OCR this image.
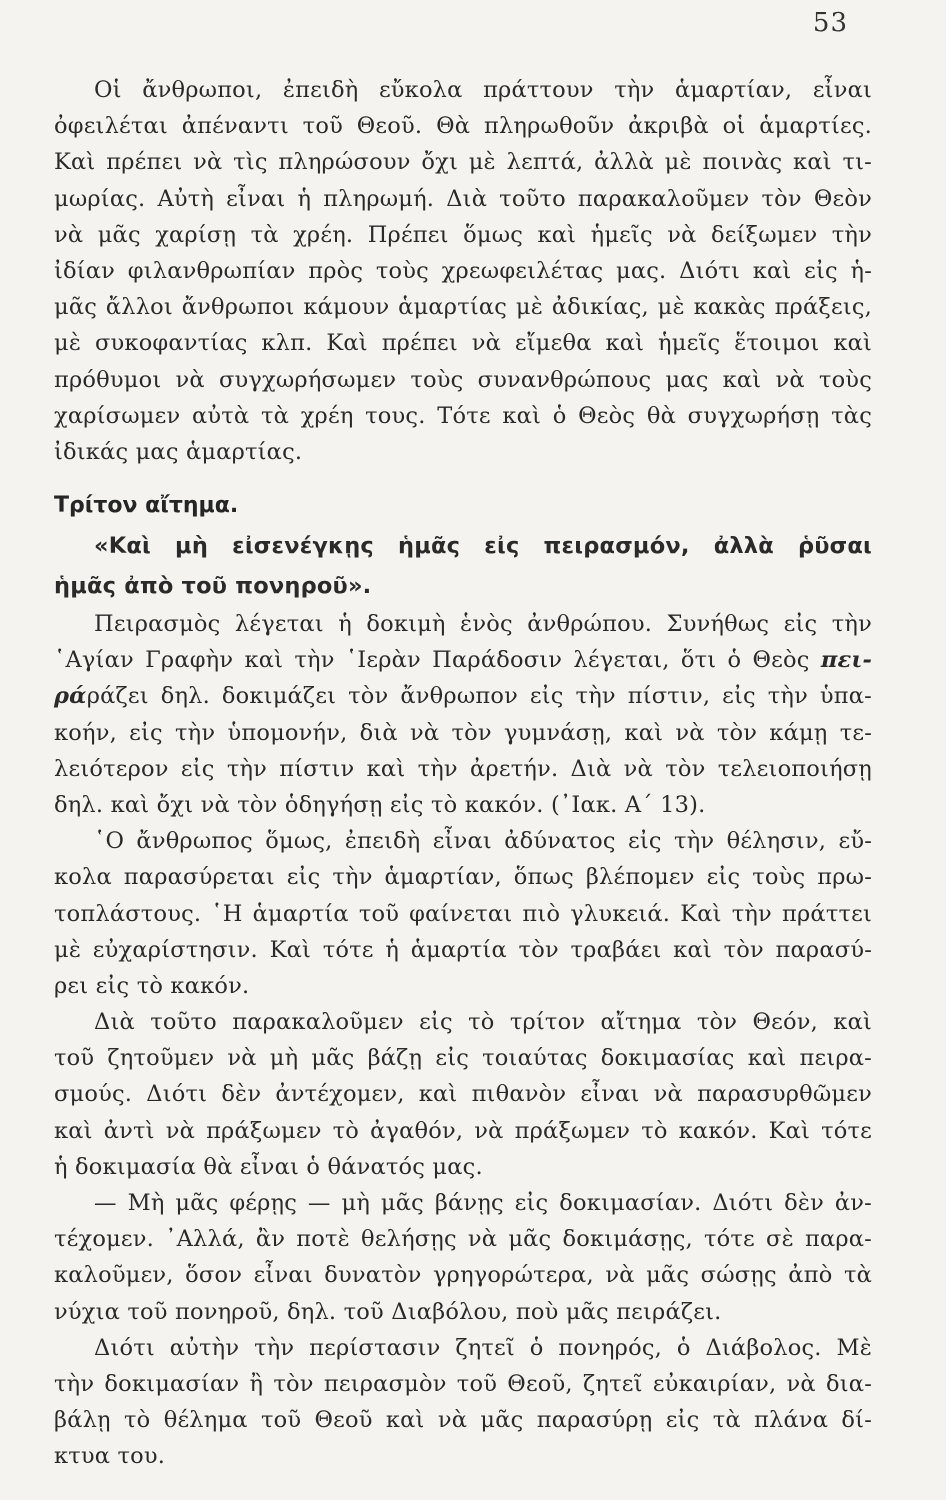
53
Οἱ ἄνθρωποι, ἐπειδὴ εὔκολα πράττουν τὴν ἁμαρτίαν, εἶναι
ὀφειλέται ἀπέναντι τοῦ Θεοῦ. Θὰ πληρωθοῦν ἀκριβὰ οἱ ἁμαρτίες.
Καὶ πρέπει νὰ τὶς πληρώσουν ὄχι μὲ λεπτά, ἀλλὰ μὲ ποινὰς καὶ τι-
μωρίας. Αὐτὴ εἶναι ἡ πληρωμή. Διὰ τοῦτο παρακαλοῦμεν τὸν Θεὸν
νὰ μᾶς χαρίσῃ τὰ χρέη. Πρέπει ὅμως καὶ ἡμεῖς νὰ δείξωμεν τὴν
ἰδίαν φιλανθρωπίαν πρὸς τοὺς χρεωφειλέτας μας. Διότι καὶ εἰς ἡ-
μᾶς ἄλλοι ἄνθρωποι κάμουν ἁμαρτίας μὲ ἀδικίας, μὲ κακὰς πράξεις,
μὲ συκοφαντίας κλπ. Καὶ πρέπει νὰ εἴμεθα καὶ ἡμεῖς ἕτοιμοι καὶ
πρόθυμοι νὰ συγχωρήσωμεν τοὺς συνανθρώπους μας καὶ νὰ τοὺς
χαρίσωμεν αὐτὰ τὰ χρέη τους. Τότε καὶ ὁ Θεὸς θὰ συγχωρήσῃ τὰς
ἰδικάς μας ἁμαρτίας.
Τρίτον αἴτημα.
«Καὶ μὴ εἰσενέγκῃς ἡμᾶς εἰς πειρασμόν, ἀλλὰ ῥῦσαι
ἡμᾶς ἀπὸ τοῦ πονηροῦ».
Πειρασμὸς λέγεται ἡ δοκιμὴ ἑνὸς ἀνθρώπου. Συνήθως εἰς τὴν
῾Αγίαν Γραφὴν καὶ τὴν ῾Ιερὰν Παράδοσιν λέγεται, ὅτι ὁ Θεὸς πει-
ράράζει δηλ. δοκιμάζει τὸν ἄνθρωπον εἰς τὴν πίστιν, εἰς τὴν ὑπα-
κοήν, εἰς τὴν ὑπομονήν, διὰ νὰ τὸν γυμνάσῃ, καὶ νὰ τὸν κάμῃ τε-
λειότερον εἰς τὴν πίστιν καὶ τὴν ἀρετήν. Διὰ νὰ τὸν τελειοποιήσῃ
δηλ. καὶ ὄχι νὰ τὸν ὁδηγήσῃ εἰς τὸ κακόν. (᾿Ιακ. Α΄ 13).
῾Ο ἄνθρωπος ὅμως, ἐπειδὴ εἶναι ἀδύνατος εἰς τὴν θέλησιν, εὔ-
κολα παρασύρεται εἰς τὴν ἁμαρτίαν, ὅπως βλέπομεν εἰς τοὺς πρω-
τοπλάστους. ῾Η ἁμαρτία τοῦ φαίνεται πιὸ γλυκειά. Καὶ τὴν πράττει
μὲ εὐχαρίστησιν. Καὶ τότε ἡ ἁμαρτία τὸν τραβάει καὶ τὸν παρασύ-
ρει εἰς τὸ κακόν.
Διὰ τοῦτο παρακαλοῦμεν εἰς τὸ τρίτον αἴτημα τὸν Θεόν, καὶ
τοῦ ζητοῦμεν νὰ μὴ μᾶς βάζῃ εἰς τοιαύτας δοκιμασίας καὶ πειρα-
σμούς. Διότι δὲν ἀντέχομεν, καὶ πιθανὸν εἶναι νὰ παρασυρθῶμεν
καὶ ἀντὶ νὰ πράξωμεν τὸ ἀγαθόν, νὰ πράξωμεν τὸ κακόν. Καὶ τότε
ἡ δοκιμασία θὰ εἶναι ὁ θάνατός μας.
— Μὴ μᾶς φέρῃς — μὴ μᾶς βάνῃς εἰς δοκιμασίαν. Διότι δὲν ἀν-
τέχομεν. ᾿Αλλά, ἂν ποτὲ θελήσῃς νὰ μᾶς δοκιμάσῃς, τότε σὲ παρα-
καλοῦμεν, ὅσον εἶναι δυνατὸν γρηγορώτερα, νὰ μᾶς σώσῃς ἀπὸ τὰ
νύχια τοῦ πονηροῦ, δηλ. τοῦ Διαβόλου, ποὺ μᾶς πειράζει.
Διότι αὐτὴν τὴν περίστασιν ζητεῖ ὁ πονηρός, ὁ Διάβολος. Μὲ
τὴν δοκιμασίαν ἢ τὸν πειρασμὸν τοῦ Θεοῦ, ζητεῖ εὐκαιρίαν, νὰ δια-
βάλῃ τὸ θέλημα τοῦ Θεοῦ καὶ νὰ μᾶς παρασύρῃ εἰς τὰ πλάνα δί-
κτυα του.
